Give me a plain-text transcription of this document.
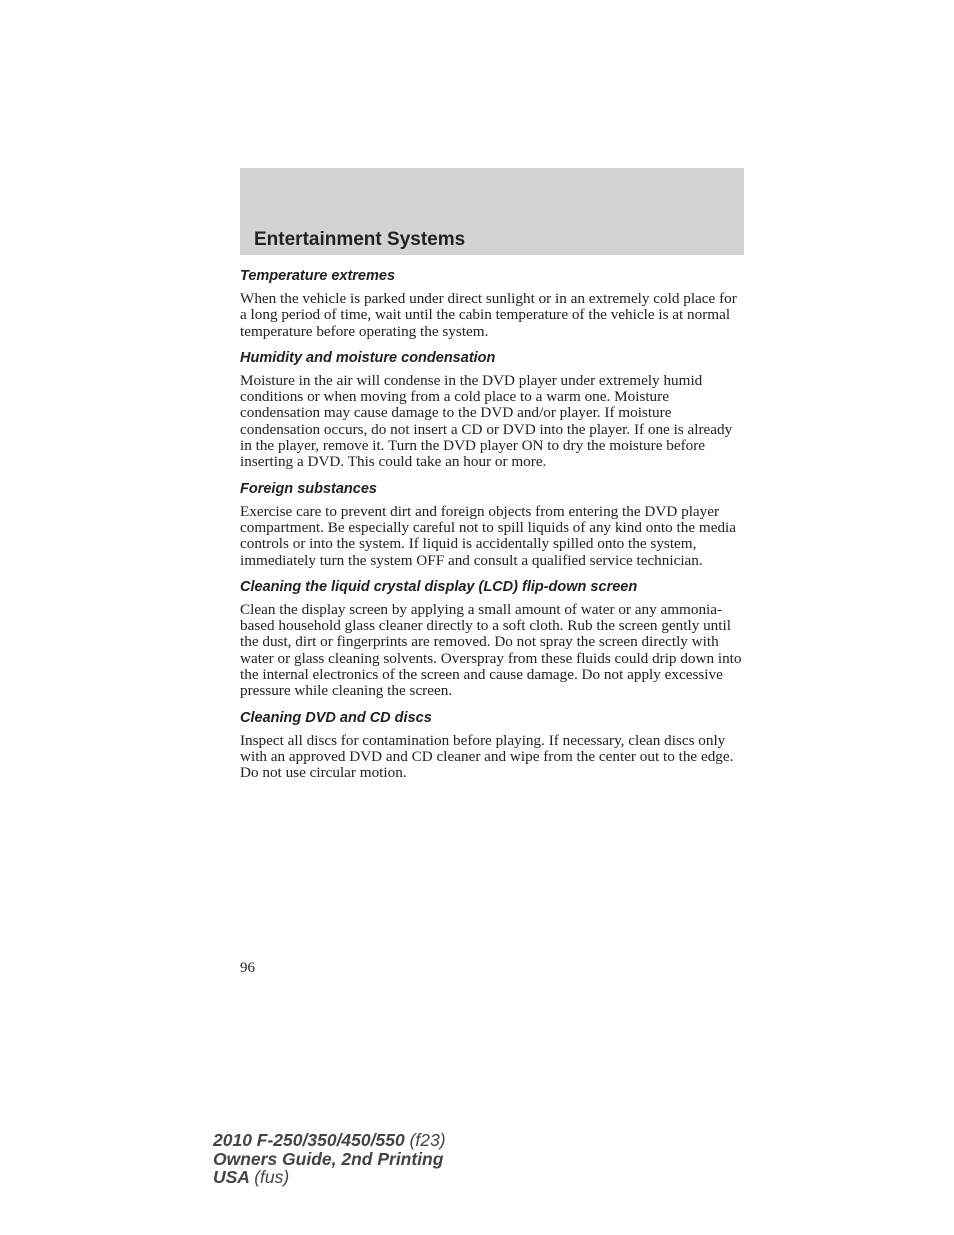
Entertainment Systems
Temperature extremes

When the vehicle is parked under direct sunlight or in an extremely cold place for a long period of time, wait until the cabin temperature of the vehicle is at normal temperature before operating the system.

Humidity and moisture condensation

Moisture in the air will condense in the DVD player under extremely humid conditions or when moving from a cold place to a warm one. Moisture condensation may cause damage to the DVD and/or player. If moisture condensation occurs, do not insert a CD or DVD into the player. If one is already in the player, remove it. Turn the DVD player ON to dry the moisture before inserting a DVD. This could take an hour or more.

Foreign substances

Exercise care to prevent dirt and foreign objects from entering the DVD player compartment. Be especially careful not to spill liquids of any kind onto the media controls or into the system. If liquid is accidentally spilled onto the system, immediately turn the system OFF and consult a qualified service technician.

Cleaning the liquid crystal display (LCD) flip-down screen

Clean the display screen by applying a small amount of water or any ammonia-based household glass cleaner directly to a soft cloth. Rub the screen gently until the dust, dirt or fingerprints are removed. Do not spray the screen directly with water or glass cleaning solvents. Overspray from these fluids could drip down into the internal electronics of the screen and cause damage. Do not apply excessive pressure while cleaning the screen.

Cleaning DVD and CD discs

Inspect all discs for contamination before playing. If necessary, clean discs only with an approved DVD and CD cleaner and wipe from the center out to the edge. Do not use circular motion.

96

2010 F-250/350/450/550 (f23)
Owners Guide, 2nd Printing
USA (fus)
